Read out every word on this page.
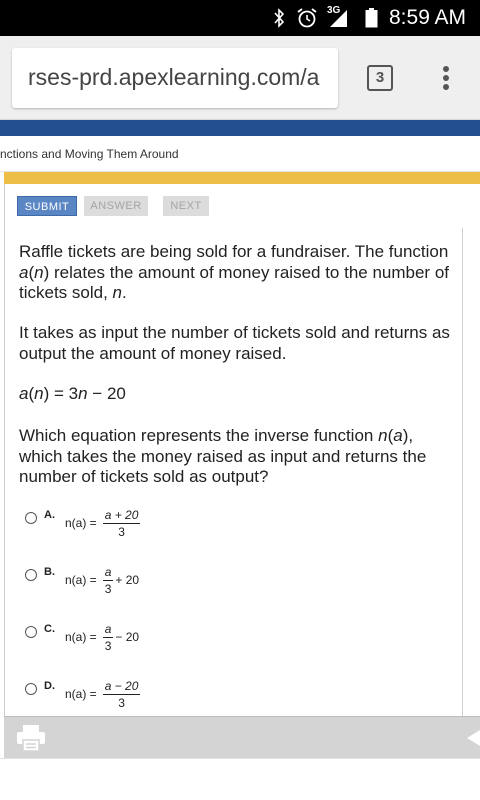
3G 8:59 AM
rses-prd.apexlearning.com/a	3
nctions and Moving Them Around
SUBMIT	ANSWER	NEXT

Raffle tickets are being sold for a fundraiser. The function a(n) relates the amount of money raised to the number of tickets sold, n.

It takes as input the number of tickets sold and returns as output the amount of money raised.

a(n) = 3n − 20

Which equation represents the inverse function n(a), which takes the money raised as input and returns the number of tickets sold as output?

A.
$n(a) = \frac{a + 20}{3}$
B.
$n(a) = \frac{a}{3} + 20$
C.
$n(a) = \frac{a}{3} - 20$
D.
$n(a) = \frac{a - 20}{3}$
